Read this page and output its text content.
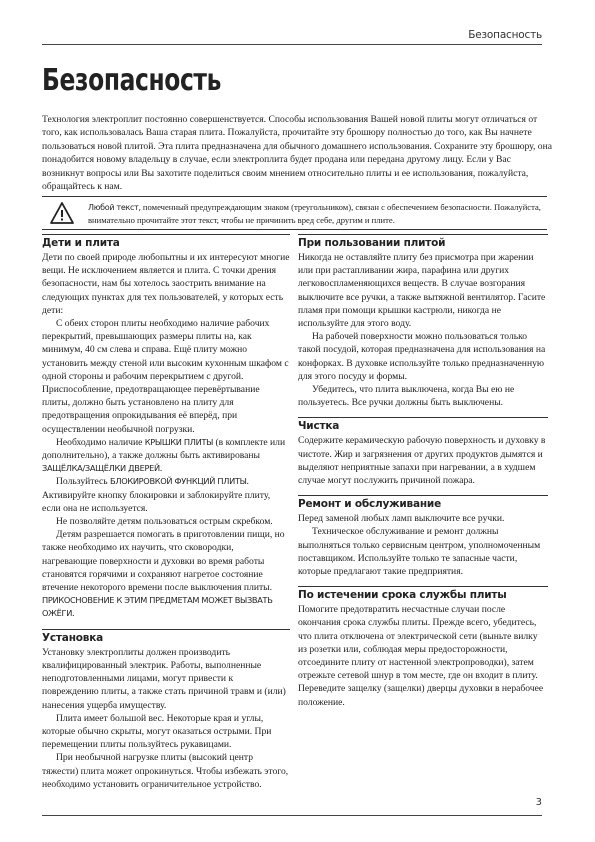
Безопасность
Безопасность

Технология электроплит постоянно совершенствуется. Способы использования Вашей новой плиты могут отличаться от того, как использовалась Ваша старая плита. Пожалуйста, прочитайте эту брошюру полностью до того, как Вы начнете пользоваться новой плитой. Эта плита предназначена для обычного домашнего использования. Сохраните эту брошюру, она понадобится новому владельцу в случае, если электроплита будет продана или передана другому лицу. Если у Вас возникнут вопросы или Вы захотите поделиться своим мнением относительно плиты и ее использования, пожалуйста, обращайтесь к нам.

Любой текст, помеченный предупреждающим знаком (треугольником), связан с обеспечением безопасности. Пожалуйста, внимательно прочитайте этот текст, чтобы не причинить вред себе, другим и плите.

Дети и плита

Дети по своей природе любопытны и их интересуют многие вещи. Не исключением является и плита. С точки дрения безопасности, нам бы хотелось заострить внимание на следующих пунктах для тех пользователей, у которых есть дети:

С обеих сторон плиты необходимо наличие рабочих перекрытий, превышающих размеры плиты на, как минимум, 40 см слева и справа. Ещё плиту можно установить между стеной или высоким кухонным шкафом с одной стороны и рабочим перекрытием с другой. Приспособление, предотвращающее перевёртывание плиты, должно быть установлено на плиту для предотвращения опрокидывания её вперёд, при осуществлении необычной погрузки.

Необходимо наличие КРЫШКИ ПЛИТЫ (в комплекте или дополнительно), а также должны быть активированы ЗАЩЁЛКА/ЗАЩЁЛКИ ДВЕРЕЙ.

Пользуйтесь БЛОКИРОВКОЙ ФУНКЦИЙ ПЛИТЫ. Активируйте кнопку блокировки и заблокируйте плиту, если она не используется.

Не позволяйте детям пользоваться острым скребком.

Детям разрешается помогать в приготовлении пищи, но также необходимо их научить, что сковородки, нагревающие поверхности и духовки во время работы становятся горячими и сохраняют нагретое состояние втечение некоторого времени после выключения плиты. ПРИКОСНОВЕНИЕ К ЭТИМ ПРЕДМЕТАМ МОЖЕТ ВЫЗВАТЬ ОЖЁГИ.

Установка

Установку электроплиты должен производить квалифицированный электрик. Работы, выполненные неподготовленными лицами, могут привести к повреждению плиты, а также стать причиной травм и (или) нанесения ущерба имуществу.

Плита имеет большой вес. Некоторые края и углы, которые обычно скрыты, могут оказаться острыми. При перемещении плиты пользуйтесь рукавицами.

При необычной нагрузке плиты (высокий центр тяжести) плита может опрокинуться. Чтобы избежать этого, необходимо установить ограничительное устройство.

При пользовании плитой

Никогда не оставляйте плиту без присмотра при жарении или при растапливании жира, парафина или других легковоспламеняющихся веществ. В случае возгорания выключите все ручки, а также вытяжной вентилятор. Гасите пламя при помощи крышки кастрюли, никогда не используйте для этого воду.

На рабочей поверхности можно пользоваться только такой посудой, которая предназначена для использования на конфорках. В духовке используйте только предназначенную для этого посуду и формы.

Убедитесь, что плита выключена, когда Вы ею не пользуетесь. Все ручки должны быть выключены.

Чистка

Содержите керамическую рабочую поверхность и духовку в чистоте. Жир и загрязнения от других продуктов дымятся и выделяют неприятные запахи при нагревании, а в худшем случае могут послужить причиной пожара.

Ремонт и обслуживание

Перед заменой любых ламп выключите все ручки.

Техническое обслуживание и ремонт должны выполняться только сервисным центром, уполномоченным поставщиком. Используйте только те запасные части, которые предлагают такие предприятия.

По истечении срока службы плиты

Помогите предотвратить несчастные случаи после окончания срока службы плиты. Прежде всего, убедитесь, что плита отключена от электрической сети (выньте вилку из розетки или, соблюдая меры предосторожности, отсоедините плиту от настенной электропроводки), затем отрежьте сетевой шнур в том месте, где он входит в плиту. Переведите защелку (защелки) дверцы духовки в нерабочее положение.

3
